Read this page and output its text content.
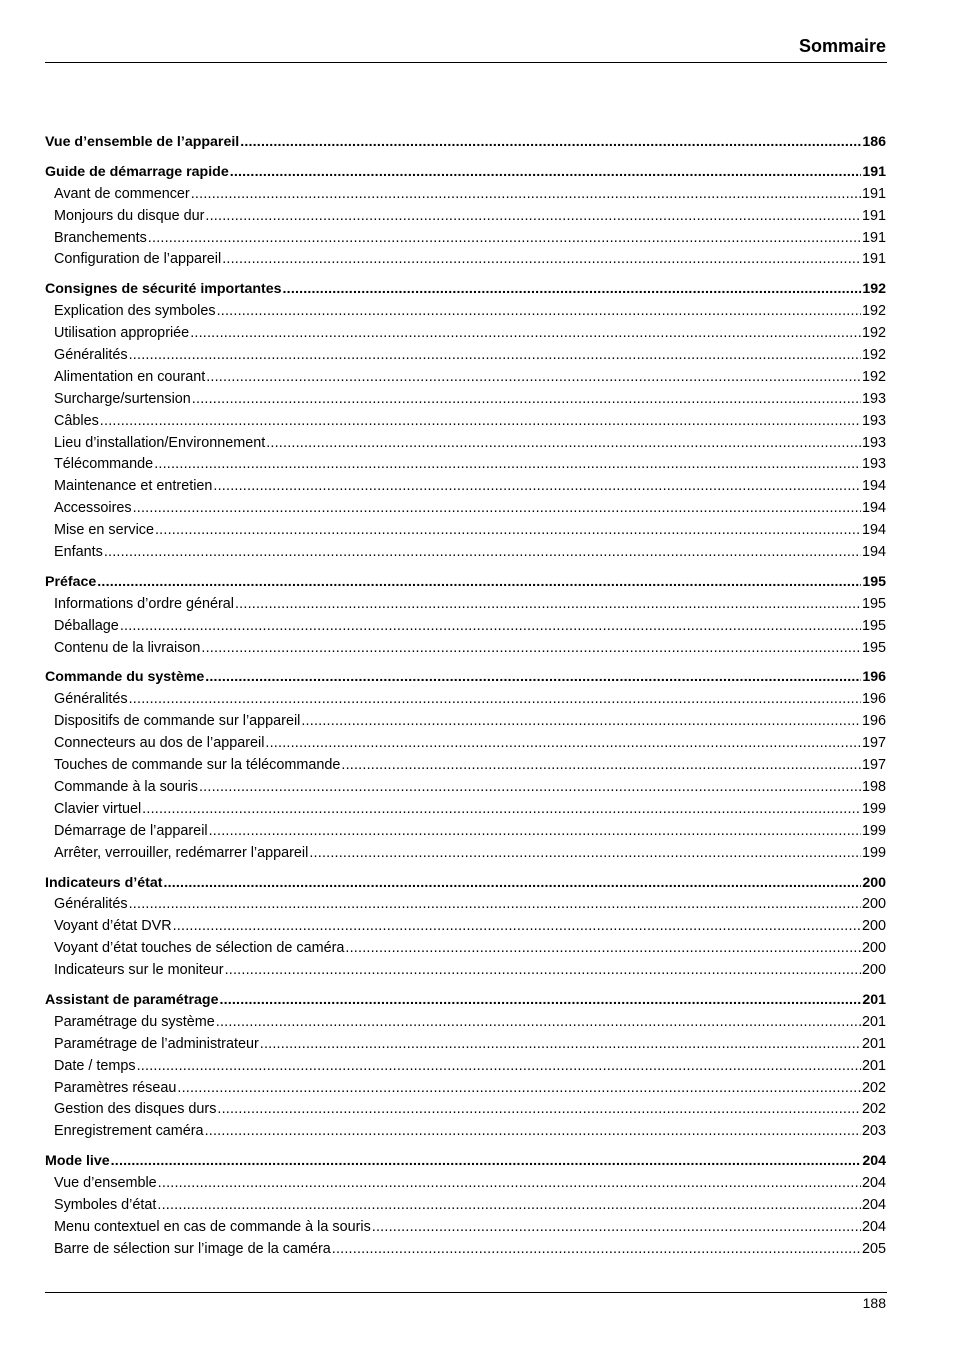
Sommaire
Vue d’ensemble de l’appareil .....	186
Guide de démarrage rapide .....	191
Avant de commencer .....	191
Monjours du disque dur .....	191
Branchements .....	191
Configuration de l’appareil .....	191
Consignes de sécurité importantes .....	192
Explication des symboles .....	192
Utilisation appropriée .....	192
Généralités .....	192
Alimentation en courant .....	192
Surcharge/surtension .....	193
Câbles .....	193
Lieu d’installation/Environnement .....	193
Télécommande .....	193
Maintenance et entretien .....	194
Accessoires .....	194
Mise en service .....	194
Enfants .....	194
Préface .....	195
Informations d’ordre général .....	195
Déballage .....	195
Contenu de la livraison .....	195
Commande du système .....	196
Généralités .....	196
Dispositifs de commande sur l’appareil .....	196
Connecteurs au dos de l’appareil .....	197
Touches de commande sur la télécommande .....	197
Commande à la souris .....	198
Clavier virtuel .....	199
Démarrage de l’appareil .....	199
Arrêter, verrouiller, redémarrer l’appareil .....	199
Indicateurs d’état .....	200
Généralités .....	200
Voyant d’état DVR .....	200
Voyant d’état touches de sélection de caméra .....	200
Indicateurs sur le moniteur .....	200
Assistant de paramétrage .....	201
Paramétrage du système .....	201
Paramétrage de l’administrateur .....	201
Date / temps .....	201
Paramètres réseau .....	202
Gestion des disques durs .....	202
Enregistrement caméra .....	203
Mode live .....	204
Vue d’ensemble .....	204
Symboles d’état .....	204
Menu contextuel en cas de commande à la souris .....	204
Barre de sélection sur l’image de la caméra .....	205
188
